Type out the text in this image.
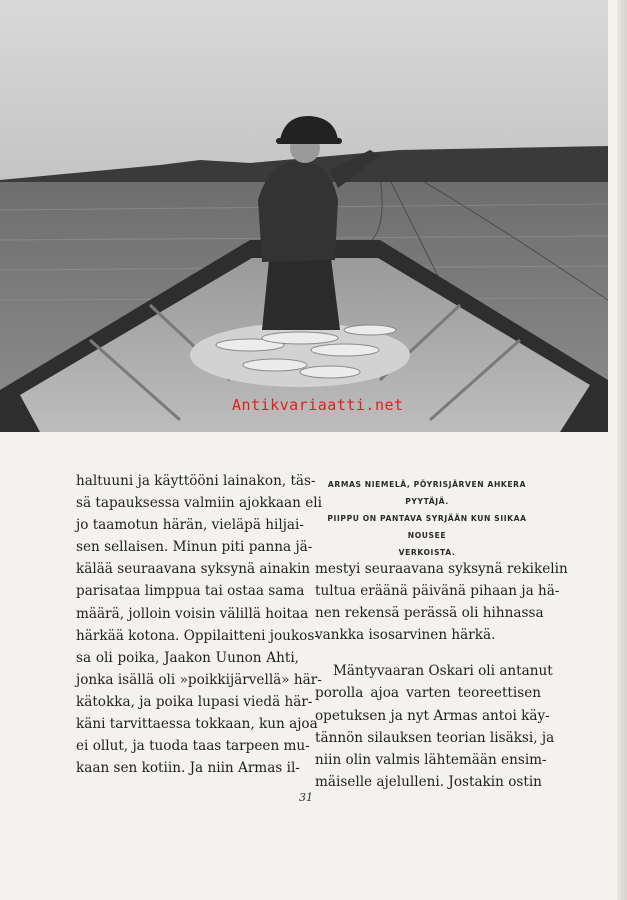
Antikvariaatti.net
haltuuni ja käyttööni lainakon, täs-
sä tapauksessa valmiin ajokkaan eli
jo taamotun härän, vieläpä hiljai-
sen sellaisen. Minun piti panna jä-
kälää seuraavana syksynä ainakin
parisataa limppua tai ostaa sama
määrä, jolloin voisin välillä hoitaa
härkää kotona. Oppilaitteni joukos-
sa oli poika, Jaakon Uunon Ahti,
jonka isällä oli »poikkijärvellä» här-
kätokka, ja poika lupasi viedä här-
käni tarvittaessa tokkaan, kun ajoa
ei ollut, ja tuoda taas tarpeen mu-
kaan sen kotiin. Ja niin Armas il-
ARMAS NIEMELÄ, PÖYRISJÄRVEN AHKERA PYYTÄJÄ.
PIIPPU ON PANTAVA SYRJÄÄN KUN SIIKAA NOUSEE
VERKOISTA.
mestyi seuraavana syksynä rekikelin
tultua eräänä päivänä pihaan ja hä-
nen rekensä perässä oli hihnassa
vankka isosarvinen härkä.
Mäntyvaaran Oskari oli antanut
porolla ajoa varten teoreettisen
opetuksen ja nyt Armas antoi käy-
tännön silauksen teorian lisäksi, ja
niin olin valmis lähtemään ensim-
mäiselle ajelulleni. Jostakin ostin
31
